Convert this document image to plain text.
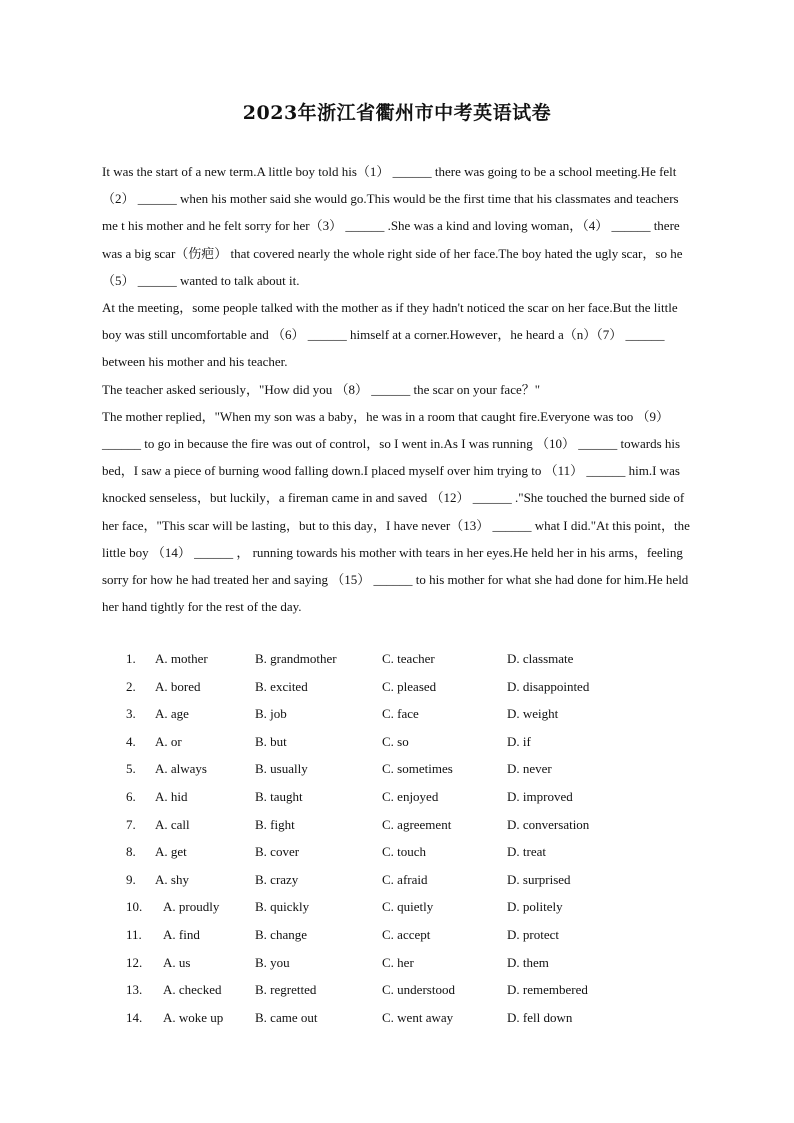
2023年浙江省衢州市中考英语试卷

It was the start of a new term.A little boy told his（1） ______ there was going to be a school meeting.He felt （2） ______ when his mother said she would go.This would be the first time that his classmates and teachers me t his mother and he felt sorry for her（3） ______ .She was a kind and loving woman，（4） ______ there was a big scar（伤疤） that covered nearly the whole right side of her face.The boy hated the ugly scar，so he （5） ______ wanted to talk about it.

At the meeting，some people talked with the mother as if they hadn't noticed the scar on her face.But the little boy was still uncomfortable and （6） ______ himself at a corner.However，he heard a（n）（7） ______ between his mother and his teacher.

The teacher asked seriously，"How did you （8） ______ the scar on your face？"

The mother replied，"When my son was a baby，he was in a room that caught fire.Everyone was too （9） ______ to go in because the fire was out of control，so I went in.As I was running （10） ______ towards his bed，I saw a piece of burning wood falling down.I placed myself over him trying to （11） ______ him.I was knocked senseless，but luckily，a fireman came in and saved （12） ______ ."She touched the burned side of her face，"This scar will be lasting，but to this day，I have never（13） ______ what I did."At this point，the little boy （14） ______ ， running towards his mother with tears in her eyes.He held her in his arms，feeling sorry for how he had treated her and saying （15） ______ to his mother for what she had done for him.He held her hand tightly for the rest of the day.

1. A. mother	B. grandmother	C. teacher	D. classmate
2. A. bored	B. excited	C. pleased	D. disappointed
3. A. age	B. job	C. face	D. weight
4. A. or	B. but	C. so	D. if
5. A. always	B. usually	C. sometimes	D. never
6. A. hid	B. taught	C. enjoyed	D. improved
7. A. call	B. fight	C. agreement	D. conversation
8. A. get	B. cover	C. touch	D. treat
9. A. shy	B. crazy	C. afraid	D. surprised
10. A. proudly	B. quickly	C. quietly	D. politely
11. A. find	B. change	C. accept	D. protect
12. A. us	B. you	C. her	D. them
13. A. checked	B. regretted	C. understood	D. remembered
14. A. woke up B. came out	C. went away	D. fell down
